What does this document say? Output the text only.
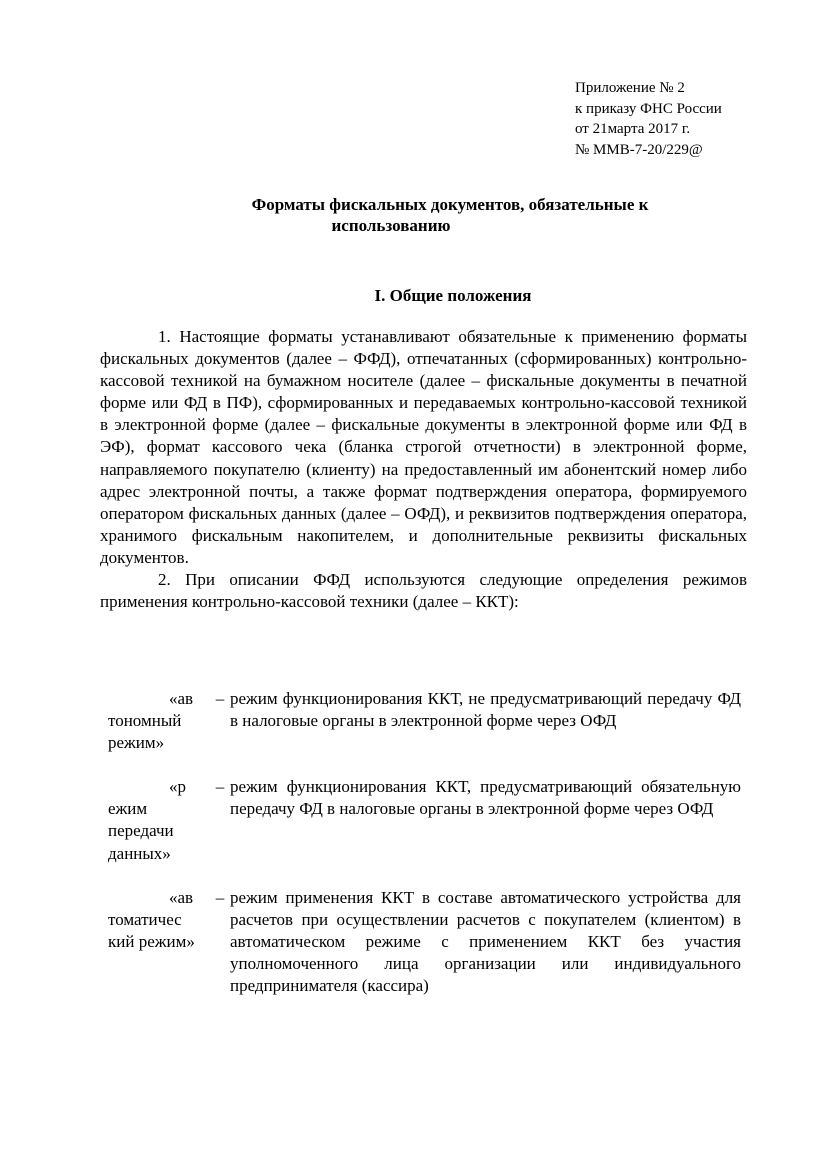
Приложение № 2
к приказу ФНС России
от 21марта 2017 г.
№ ММВ-7-20/229@
Форматы фискальных документов, обязательные к
использованию
I. Общие положения

1. Настоящие форматы устанавливают обязательные к применению форматы фискальных документов (далее – ФФД), отпечатанных (сформированных) контрольно-кассовой техникой на бумажном носителе (далее – фискальные документы в печатной форме или ФД в ПФ), сформированных и передаваемых контрольно-кассовой техникой в электронной форме (далее – фискальные документы в электронной форме или ФД в ЭФ), формат кассового чека (бланка строгой отчетности) в электронной форме, направляемого покупателю (клиенту) на предоставленный им абонентский номер либо адрес электронной почты, а также формат подтверждения оператора, формируемого оператором фискальных данных (далее – ОФД), и реквизитов подтверждения оператора, хранимого фискальным накопителем, и дополнительные реквизиты фискальных документов.

2. При описании ФФД используются следующие определения режимов применения контрольно-кассовой техники (далее – ККТ):

«ав
тономный режим»
– режим функционирования ККТ, не предусматривающий передачу ФД в налоговые органы в электронной форме через ОФД
«р
ежим передачи данных»
– режим функционирования ККТ, предусматривающий обязательную передачу ФД в налоговые органы в электронной форме через ОФД
«ав
томатичес кий режим»
– режим применения ККТ в составе автоматического устройства для расчетов при осуществлении расчетов с покупателем (клиентом) в автоматическом режиме с применением ККТ без участия уполномоченного лица организации или индивидуального предпринимателя (кассира)
